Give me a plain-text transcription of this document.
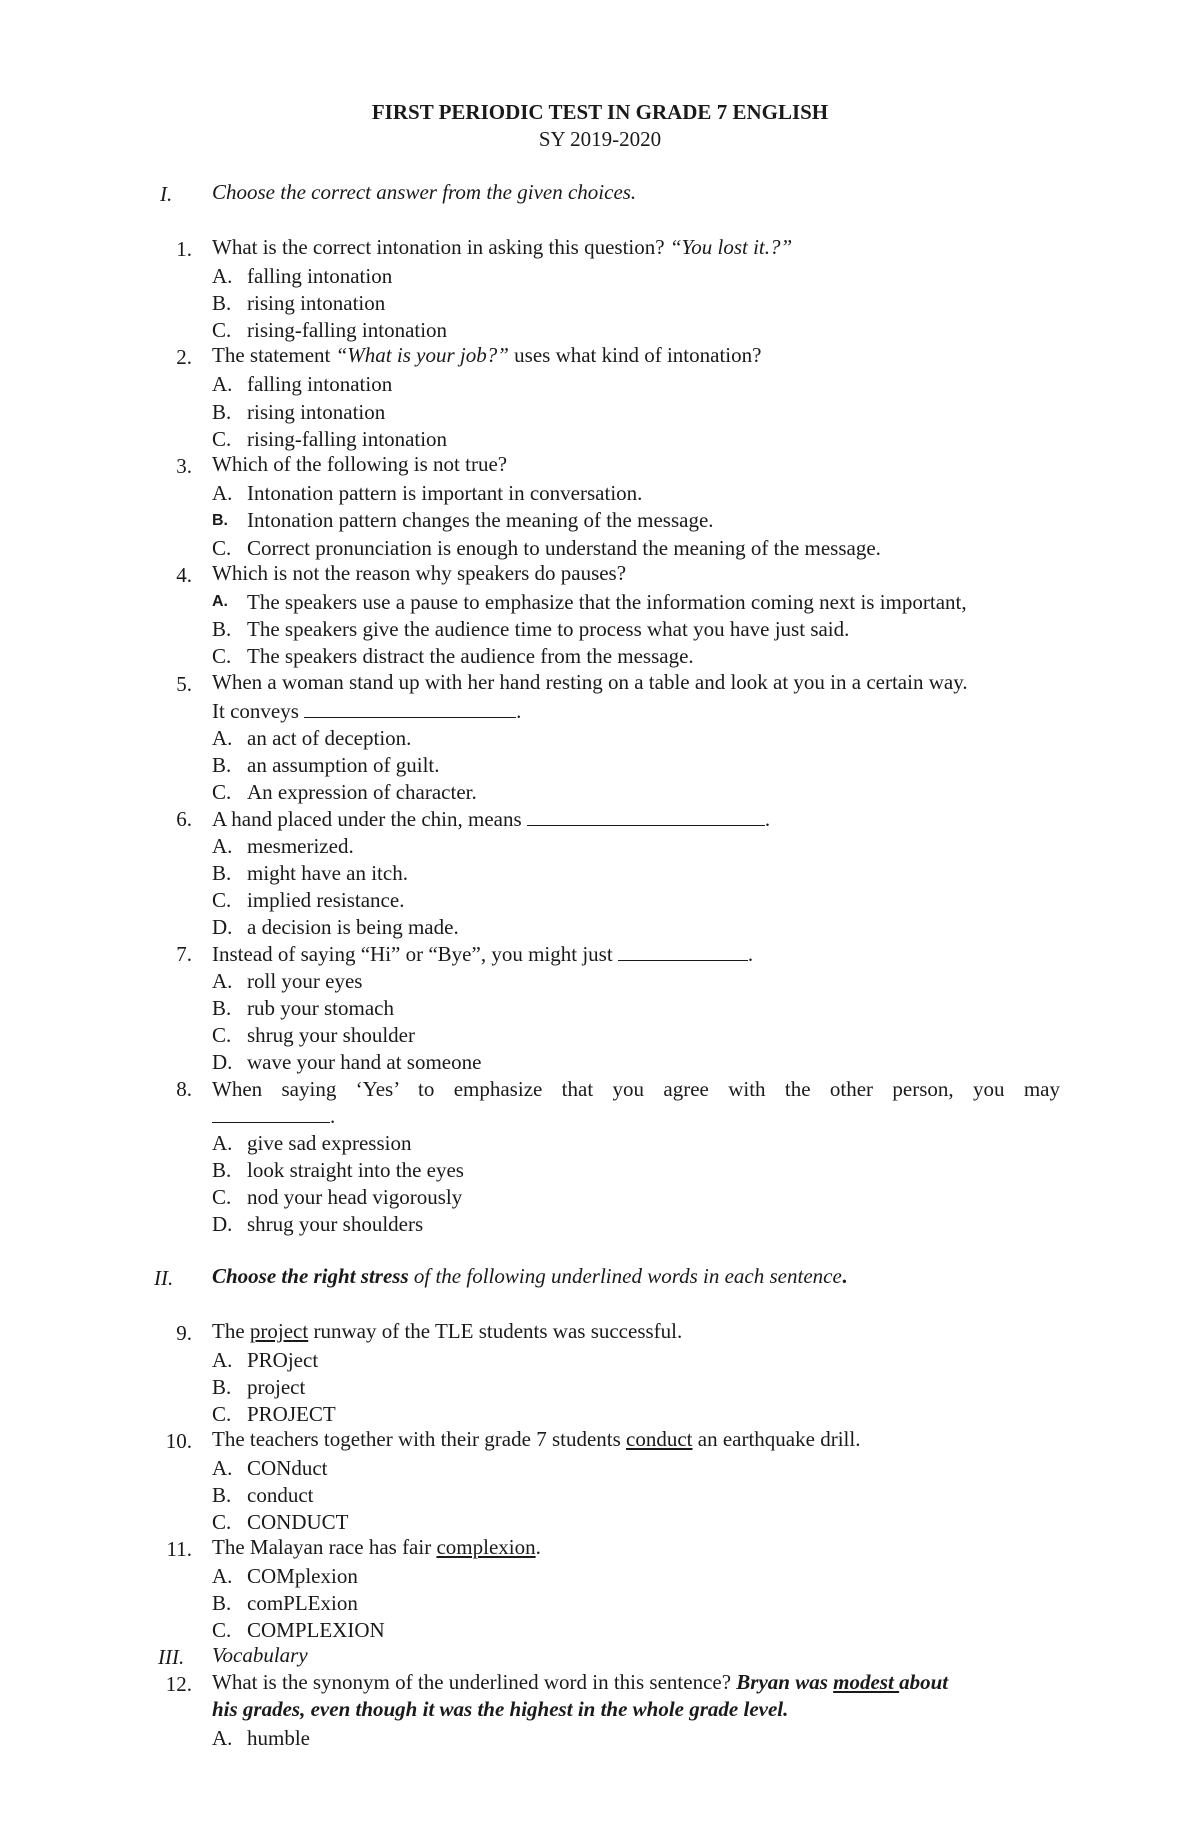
FIRST PERIODIC TEST IN GRADE 7 ENGLISH
SY 2019-2020
I. Choose the correct answer from the given choices.
1. What is the correct intonation in asking this question? “You lost it.?”
A. falling intonation
B. rising intonation
C. rising-falling intonation
2. The statement “What is your job?” uses what kind of intonation?
A. falling intonation
B. rising intonation
C. rising-falling intonation
3. Which of the following is not true?
A. Intonation pattern is important in conversation.
B. Intonation pattern changes the meaning of the message.
C. Correct pronunciation is enough to understand the meaning of the message.
4. Which is not the reason why speakers do pauses?
A. The speakers use a pause to emphasize that the information coming next is important,
B. The speakers give the audience time to process what you have just said.
C. The speakers distract the audience from the message.
5. When a woman stand up with her hand resting on a table and look at you in a certain way.
It conveys	.
A. an act of deception.
B. an assumption of guilt.
C. An expression of character.
6. A hand placed under the chin, means	.
A. mesmerized.
B. might have an itch.
C. implied resistance.
D. a decision is being made.
7. Instead of saying “Hi” or “Bye”, you might just	.
A. roll your eyes
B. rub your stomach
C. shrug your shoulder
D. wave your hand at someone
8. When saying ‘Yes’ to emphasize that you agree with the other person, you may
.
A. give sad expression
B. look straight into the eyes
C. nod your head vigorously
D. shrug your shoulders
II. Choose the right stress of the following underlined words in each sentence.
9. The project runway of the TLE students was successful.
A. PROject
B. project
C. PROJECT
10. The teachers together with their grade 7 students conduct an earthquake drill.
A. CONduct
B. conduct
C. CONDUCT
11. The Malayan race has fair complexion.
A. COMplexion
B. comPLExion
C. COMPLEXION
III. Vocabulary
12. What is the synonym of the underlined word in this sentence? Bryan was modest about
his grades, even though it was the highest in the whole grade level.
A. humble
